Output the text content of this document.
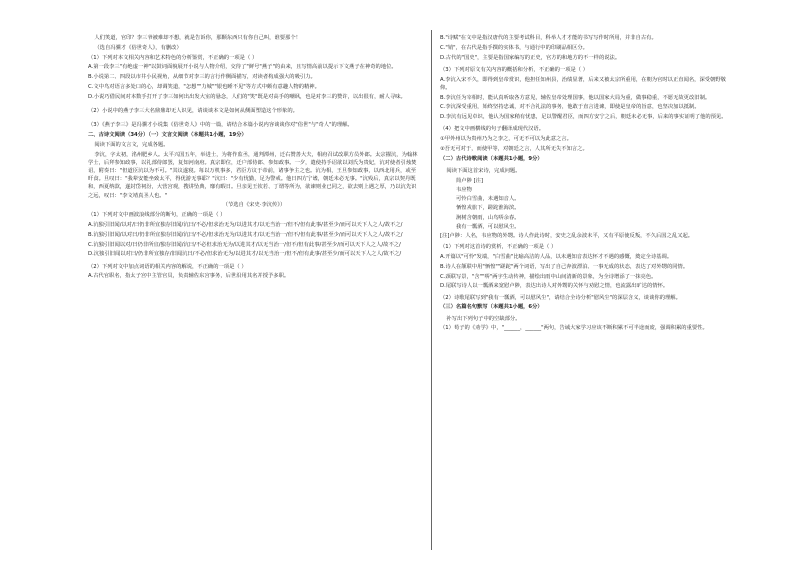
人们笑道，官印？李三爷被难却不想，就是告诉你，那颗东西只有你自己叫，谁要那个！

（选自冯骥才《俗世奇人》，有删改）

（1）下列对本文相关内容和艺术特色的分析鉴赏，不正确的一项是（ ）

A.第一段李三"有绝虚一神"以鼓词面貌展开小说与人物介绍，交待了"鲜号"燕子"的由来，且写情高前以提示下文燕子在神奇的地位。

B.小说第二、四段以市井小民视角，从细节对李三的言行作侧面描写，对读者构成强大的吸引力。

C.文中鸟对语言多处口的心，却调笑道，"怎想""力城""银也睡不见"等方式中颇有意趣人物的精神。

D.小说巧借民间对本数手打开了李三如何出出发大室的悬念，人们的"笑"既是对高手的嘲讽，也是对李三的赞许，以出很有，耐人寻味。

（2）小说中的燕子李三大名鼎鼎却无人识见，请谈谈本文是如何从侧面塑造这个形象的。

（3）《燕子李三》是冯骥才小说集《俗世奇人》中的一篇，请结合本篇小说内容谈谈你对"俗世"与"奇人"的理解。

二、古诗文阅读（34分）（一）文言文阅读（本题共1小题，19分）

阅读下面的文言文，完成各题。

李沆，字太初，洺州肥乡人。太平兴国五年，举进士，为将作监丞，通判潭州，迁右赞善大夫，相府召试改职方员外郎。太宗擢沆，为翰林学士，后拜参知政事，以礼部侍郎罢，复知河南府。真宗即位，迁户部侍郎、参知政事。一夕，遣使持手诏欲以刘氏为贵妃，沆对使者引烛焚诏，附奏曰："但道臣沆以为不可。"其议遂寝。每以万机事多，君臣方议于帝前，诸事争主之也。沆为相，王旦参知政事，以西北用兵，或至旰食。旦叹曰："我辈安能坐致太平，得优游无事耶？"沆曰："少有忧勤，足为警戒。他日四方宁谧，朝廷未必无事。"沆殁后，真宗以契丹既和，西夏纳款，遂封岱祠汾，大营宫观，搜讲坠典，靡有暇日。旦亲见王钦若、丁谓等所为，欲谏则业已同之，欲去则上遇之厚，乃以沆先识之远，叹曰："李文靖真圣人也。"

（节选自《宋史·李沆传》）

（1）下列对文中画波浪线部分的断句，正确的一项是（ ）

A.沆独引旧闻/以对/曰仍非所宜独存旧闻/沆曰/不必/但求治无为/以进其才/以无当治一/但不/但有此事/甚至少/而可以天下人之人/故不之/

B.沆独引旧闻/以对曰/仍非所宜独存旧闻/沆曰/不必/但求治无为/以进其才/以无当治一/但不/但有此事/甚至少/而可以天下人之人/故不之/

C.沆独引旧闻以对/曰仍非所宜/独存旧闻/沆曰/不必但求治无为/以进其才/以无当治一/但不/但有此事/甚至少/而可以天下人之人/故不之/

D.沆独引旧闻以对曰/仍非所宜独存/旧闻沆曰/不必/但求治无为/以进其才/以无当治一/但不/但有此事/甚至少/而可以天下人之人/故不之/

（2）下列对文中加点词语的相关内容的解说，不正确的一项是（ ）

A.古代官职名，指太子宫中主管官员，负责辅佐东宫事务，后世沿用其名并授予多职。

B."诗赋"在文中是指汉唐代的主要考试科目，科举人才才能的书写写作时所用，并非自古有。

C."销"，在古代是指手撰的实体书，与通行中的印刷品相区分。

D.古代的"国史"，主要是指国家编写的正史，官方的和地方的不一样的说法。

（3）下列对原文有关内容的概括和分析，不正确的一项是（ ）

A.李沆入宋不久，即得到皇帝赏识，他担任知州县，治绩显著，后来又被太宗所重用，在朝为官时以正直闻名，深受朝野敬仰。

B.李沆任为宰相时，能认真听取各方意见，辅佐皇帝处理国事，他以国家大局为重，做事稳重，不愿无故更改旧制。

C.李沆深受重用，始终坚持忠诚，对不合礼法的事务，他敢于直言进谏，即使是皇帝的旨意，也坚决加以抵制。

D.李沆有远见卓识，他认为国家稍有忧患，足以警醒君臣，而四方安宁之后，朝廷未必无事，后来的事实证明了他的预见。

（4）把文中画横线的句子翻译成现代汉语。

①甲外州以为贵州乃为之李之，可无不可以为此意之言。

②吾无可对于，而使甲等，对朝廷之言，人其所无失不知言之。

（二）古代诗歌阅读（本题共1小题，9分）

阅读下面这首宋诗，完成问题。

简卢陟 [注]

韦应物

可怜白雪曲，未遇知音人。

恓惶戎旅下，蹉跎淮海滨。

涧树含朝雨，山鸟哢余春。

我有一瓢酒，可以慰风尘。

[注]卢陟：人名，韦应物的外甥。诗人作此诗时，安史之乱余波未平，又有平原使反叛，不久后国之乱又起。

（1）下列对这首诗的赏析，不正确的一项是（ ）

A.开篇以"可怜"发端，"白雪曲"比喻高洁的人品，以未遇知音表达怀才不遇的感慨，奠定全诗基调。

B.诗人在颔联中用"恓惶""蹉跎"两个词语，写出了自己奔波漂泊、一事无成的状态，表达了对外甥的同情。

C.颈联写景，"含""哢"两字生动传神，描绘出雨中山间清新的景象，为全诗增添了一抹亮色。

D.尾联写诗人以一瓢酒来宽慰卢陟，表达出诗人对外甥的关怀与劝慰之情，也流露出旷达的情怀。

（2）诗歌尾联写到"我有一瓢酒，可以慰风尘"，请结合全诗分析"慰风尘"的深层含义，谈谈你的理解。

（三）名篇名句默写（本题共1小题，6分）

补写出下列句子中的空缺部分。

（1）荀子的《劝学》中，"______，______"两句，告诫大家学习应该不断积累不可半途而废，强调积累的重要性。
